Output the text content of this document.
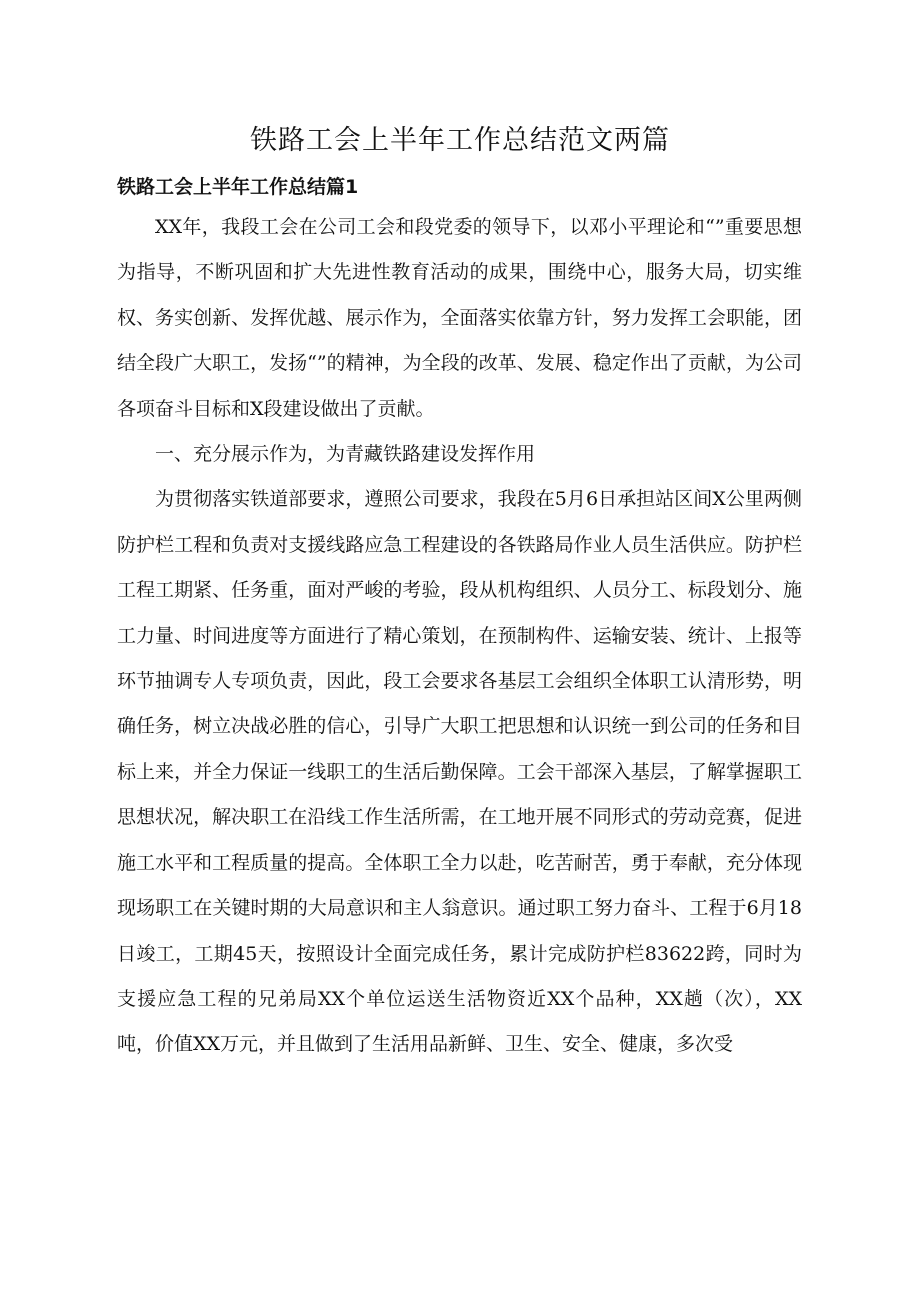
铁路工会上半年工作总结范文两篇
铁路工会上半年工作总结篇1

XX年，我段工会在公司工会和段党委的领导下，以邓小平理论和“”重要思想为指导，不断巩固和扩大先进性教育活动的成果，围绕中心，服务大局，切实维权、务实创新、发挥优越、展示作为，全面落实依靠方针，努力发挥工会职能，团结全段广大职工，发扬“”的精神，为全段的改革、发展、稳定作出了贡献，为公司各项奋斗目标和X段建设做出了贡献。

一、充分展示作为，为青藏铁路建设发挥作用

为贯彻落实铁道部要求，遵照公司要求，我段在5月6日承担站区间X公里两侧防护栏工程和负责对支援线路应急工程建设的各铁路局作业人员生活供应。防护栏工程工期紧、任务重，面对严峻的考验，段从机构组织、人员分工、标段划分、施工力量、时间进度等方面进行了精心策划，在预制构件、运输安装、统计、上报等环节抽调专人专项负责，因此，段工会要求各基层工会组织全体职工认清形势，明确任务，树立决战必胜的信心，引导广大职工把思想和认识统一到公司的任务和目标上来，并全力保证一线职工的生活后勤保障。工会干部深入基层，了解掌握职工思想状况，解决职工在沿线工作生活所需，在工地开展不同形式的劳动竞赛，促进施工水平和工程质量的提高。全体职工全力以赴，吃苦耐苦，勇于奉献，充分体现现场职工在关键时期的大局意识和主人翁意识。通过职工努力奋斗、工程于6月18日竣工，工期45天，按照设计全面完成任务，累计完成防护栏83622跨，同时为支援应急工程的兄弟局XX个单位运送生活物资近XX个品种，XX趟（次），XX吨，价值XX万元，并且做到了生活用品新鲜、卫生、安全、健康，多次受
